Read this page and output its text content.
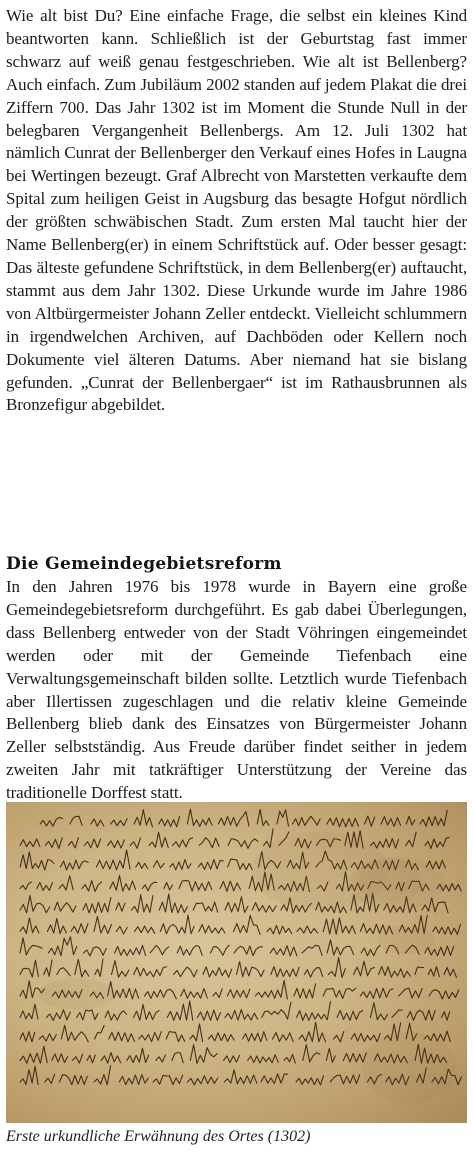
Wie alt bist Du? Eine einfache Frage, die selbst ein kleines Kind beantworten kann. Schließlich ist der Geburtstag fast immer schwarz auf weiß genau festgeschrieben. Wie alt ist Bellenberg? Auch einfach. Zum Jubiläum 2002 standen auf jedem Plakat die drei Ziffern 700. Das Jahr 1302 ist im Moment die Stunde Null in der belegbaren Vergangenheit Bellenbergs. Am 12. Juli 1302 hat nämlich Cunrat der Bellenberger den Verkauf eines Hofes in Laugna bei Wertingen bezeugt. Graf Albrecht von Marstetten verkaufte dem Spital zum heiligen Geist in Augsburg das besagte Hofgut nördlich der größten schwäbischen Stadt. Zum ersten Mal taucht hier der Name Bellenberg(er) in einem Schriftstück auf. Oder besser gesagt: Das älteste gefundene Schriftstück, in dem Bellenberg(er) auftaucht, stammt aus dem Jahr 1302. Diese Urkunde wurde im Jahre 1986 von Altbürgermeister Johann Zeller entdeckt. Vielleicht schlummern in irgendwelchen Archiven, auf Dachböden oder Kellern noch Dokumente viel älteren Datums. Aber niemand hat sie bislang gefunden. „Cunrat der Bellenbergaer“ ist im Rathausbrunnen als Bronzefigur abgebildet.

Die Gemeindegebietsreform

In den Jahren 1976 bis 1978 wurde in Bayern eine große Gemeindegebietsreform durchgeführt. Es gab dabei Überlegungen, dass Bellenberg entweder von der Stadt Vöhringen eingemeindet werden oder mit der Gemeinde Tiefenbach eine Verwaltungsgemeinschaft bilden sollte. Letztlich wurde Tiefenbach aber Illertissen zugeschlagen und die relativ kleine Gemeinde Bellenberg blieb dank des Einsatzes von Bürgermeister Johann Zeller selbstständig. Aus Freude darüber findet seither in jedem zweiten Jahr mit tatkräftiger Unterstützung der Vereine das traditionelle Dorffest statt.

Erste urkundliche Erwähnung des Ortes (1302)
